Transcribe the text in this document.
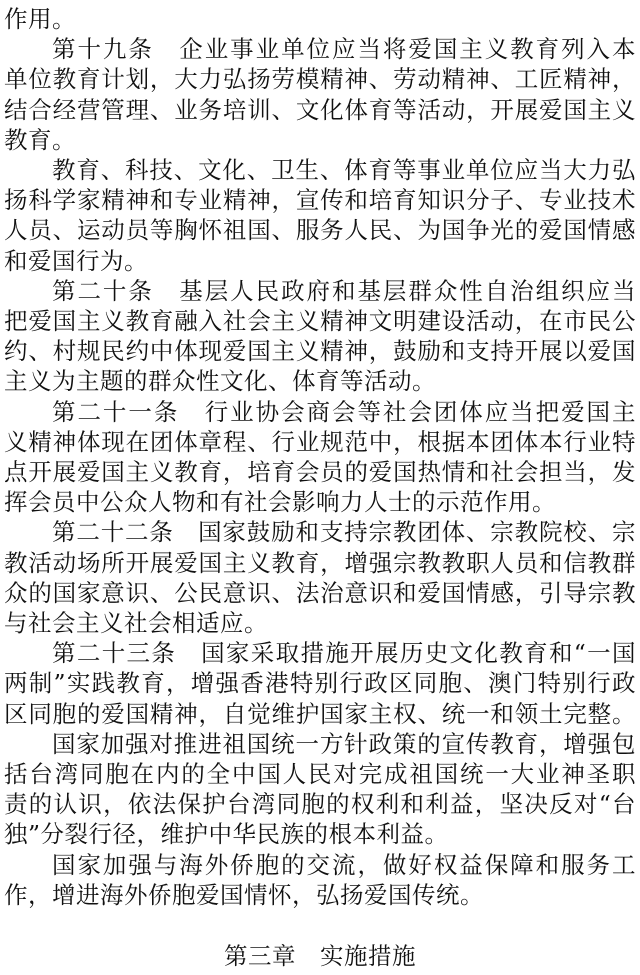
作用。
第十九条　企业事业单位应当将爱国主义教育列入本
单位教育计划，大力弘扬劳模精神、劳动精神、工匠精神，
结合经营管理、业务培训、文化体育等活动，开展爱国主义
教育。
教育、科技、文化、卫生、体育等事业单位应当大力弘
扬科学家精神和专业精神，宣传和培育知识分子、专业技术
人员、运动员等胸怀祖国、服务人民、为国争光的爱国情感
和爱国行为。
第二十条　基层人民政府和基层群众性自治组织应当
把爱国主义教育融入社会主义精神文明建设活动，在市民公
约、村规民约中体现爱国主义精神，鼓励和支持开展以爱国
主义为主题的群众性文化、体育等活动。
第二十一条　行业协会商会等社会团体应当把爱国主
义精神体现在团体章程、行业规范中，根据本团体本行业特
点开展爱国主义教育，培育会员的爱国热情和社会担当，发
挥会员中公众人物和有社会影响力人士的示范作用。
第二十二条　国家鼓励和支持宗教团体、宗教院校、宗
教活动场所开展爱国主义教育，增强宗教教职人员和信教群
众的国家意识、公民意识、法治意识和爱国情感，引导宗教
与社会主义社会相适应。
第二十三条　国家采取措施开展历史文化教育和“一国
两制”实践教育，增强香港特别行政区同胞、澳门特别行政
区同胞的爱国精神，自觉维护国家主权、统一和领土完整。
国家加强对推进祖国统一方针政策的宣传教育，增强包
括台湾同胞在内的全中国人民对完成祖国统一大业神圣职
责的认识，依法保护台湾同胞的权利和利益，坚决反对“台
独”分裂行径，维护中华民族的根本利益。
国家加强与海外侨胞的交流，做好权益保障和服务工
第三章　实施措施
作，增进海外侨胞爱国情怀，弘扬爱国传统。
